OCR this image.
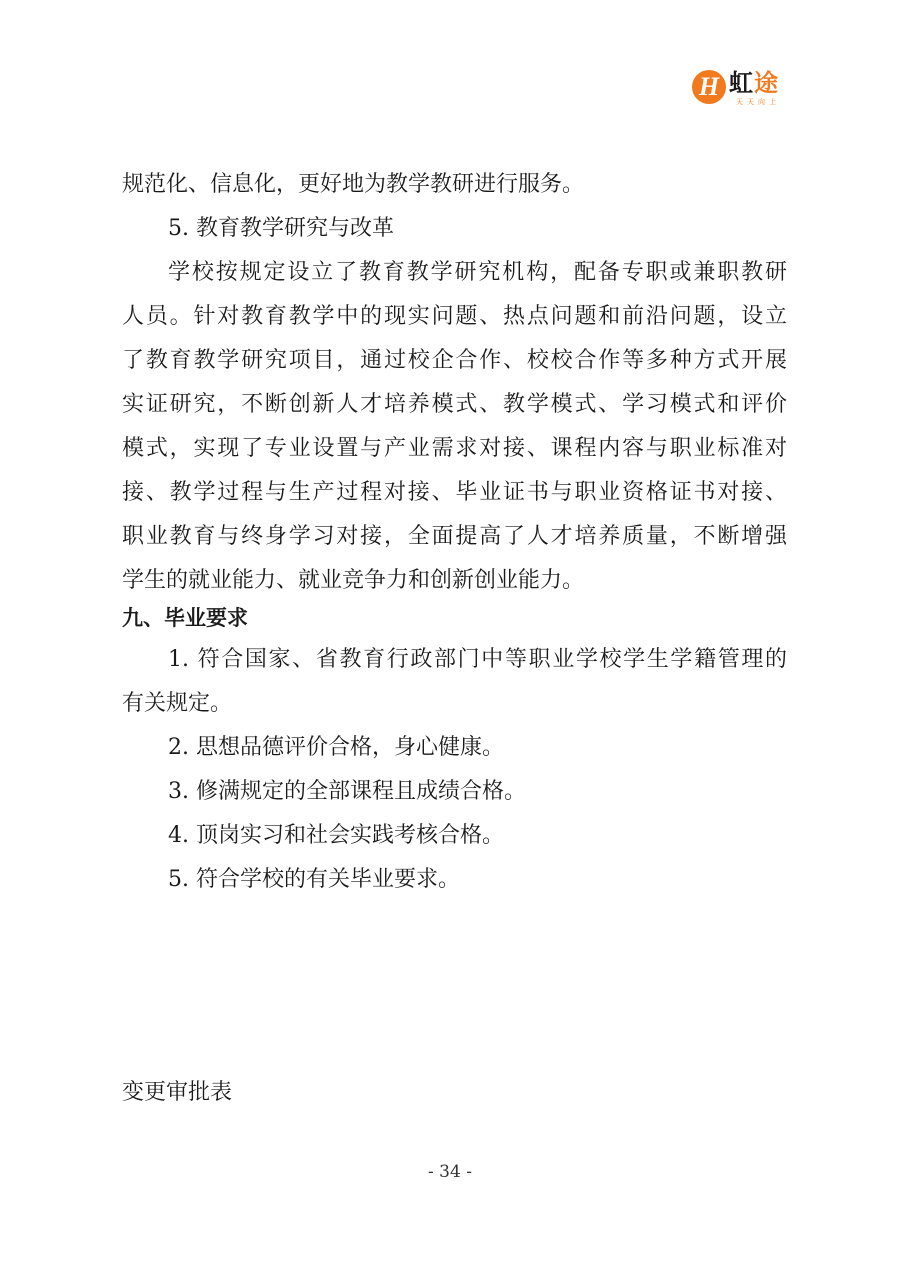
H 虹途
天天向上
规范化、信息化，更好地为教学教研进行服务。
5. 教育教学研究与改革
学校按规定设立了教育教学研究机构，配备专职或兼职教研
人员。针对教育教学中的现实问题、热点问题和前沿问题，设立
了教育教学研究项目，通过校企合作、校校合作等多种方式开展
实证研究，不断创新人才培养模式、教学模式、学习模式和评价
模式，实现了专业设置与产业需求对接、课程内容与职业标准对
接、教学过程与生产过程对接、毕业证书与职业资格证书对接、
职业教育与终身学习对接，全面提高了人才培养质量，不断增强
学生的就业能力、就业竞争力和创新创业能力。
九、毕业要求
1. 符合国家、省教育行政部门中等职业学校学生学籍管理的
有关规定。
2. 思想品德评价合格，身心健康。
3. 修满规定的全部课程且成绩合格。
4. 顶岗实习和社会实践考核合格。
5. 符合学校的有关毕业要求。
变更审批表
- 34 -
